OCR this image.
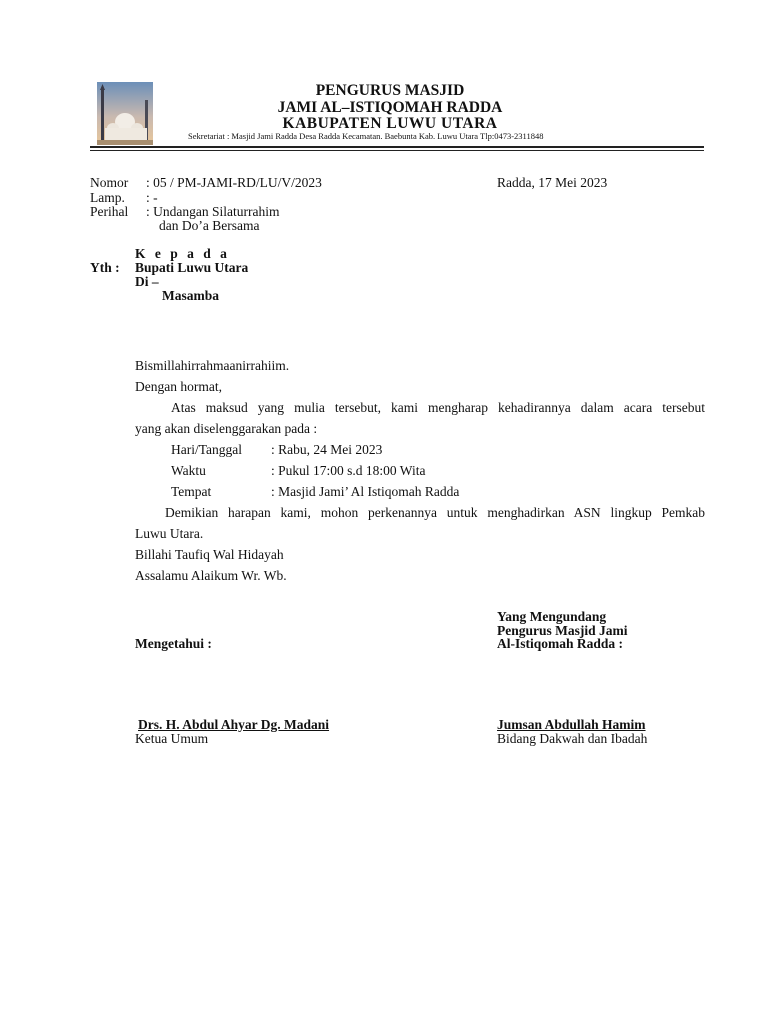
PENGURUS MASJID
JAMI AL–ISTIQOMAH RADDA
KABUPATEN LUWU UTARA
Sekretariat : Masjid Jami Radda Desa Radda Kecamatan. Baebunta Kab. Luwu Utara Tlp:0473-2311848
Nomor : 05 / PM-JAMI-RD/LU/V/2023	Radda, 17 Mei 2023
Lamp. : -
Perihal : Undangan Silaturrahim
dan Do’a Bersama
K e p a d a
Yth : Bupati Luwu Utara
Di –
Masamba
Bismillahirrahmaanirrahiim.
Dengan hormat,
Atas maksud yang mulia tersebut, kami mengharap kehadirannya dalam acara tersebut
yang akan diselenggarakan pada :
Hari/Tanggal : Rabu, 24 Mei 2023
Waktu	: Pukul 17:00 s.d 18:00 Wita
Tempat	: Masjid Jami’ Al Istiqomah Radda
Demikian harapan kami, mohon perkenannya untuk menghadirkan ASN lingkup Pemkab
Luwu Utara.
Billahi Taufiq Wal Hidayah
Assalamu Alaikum Wr. Wb.
Yang Mengundang
Pengurus Masjid Jami
Al-Istiqomah Radda :
Mengetahui :
Drs. H. Abdul Ahyar Dg. Madani
Ketua Umum
Jumsan Abdullah Hamim
Bidang Dakwah dan Ibadah
